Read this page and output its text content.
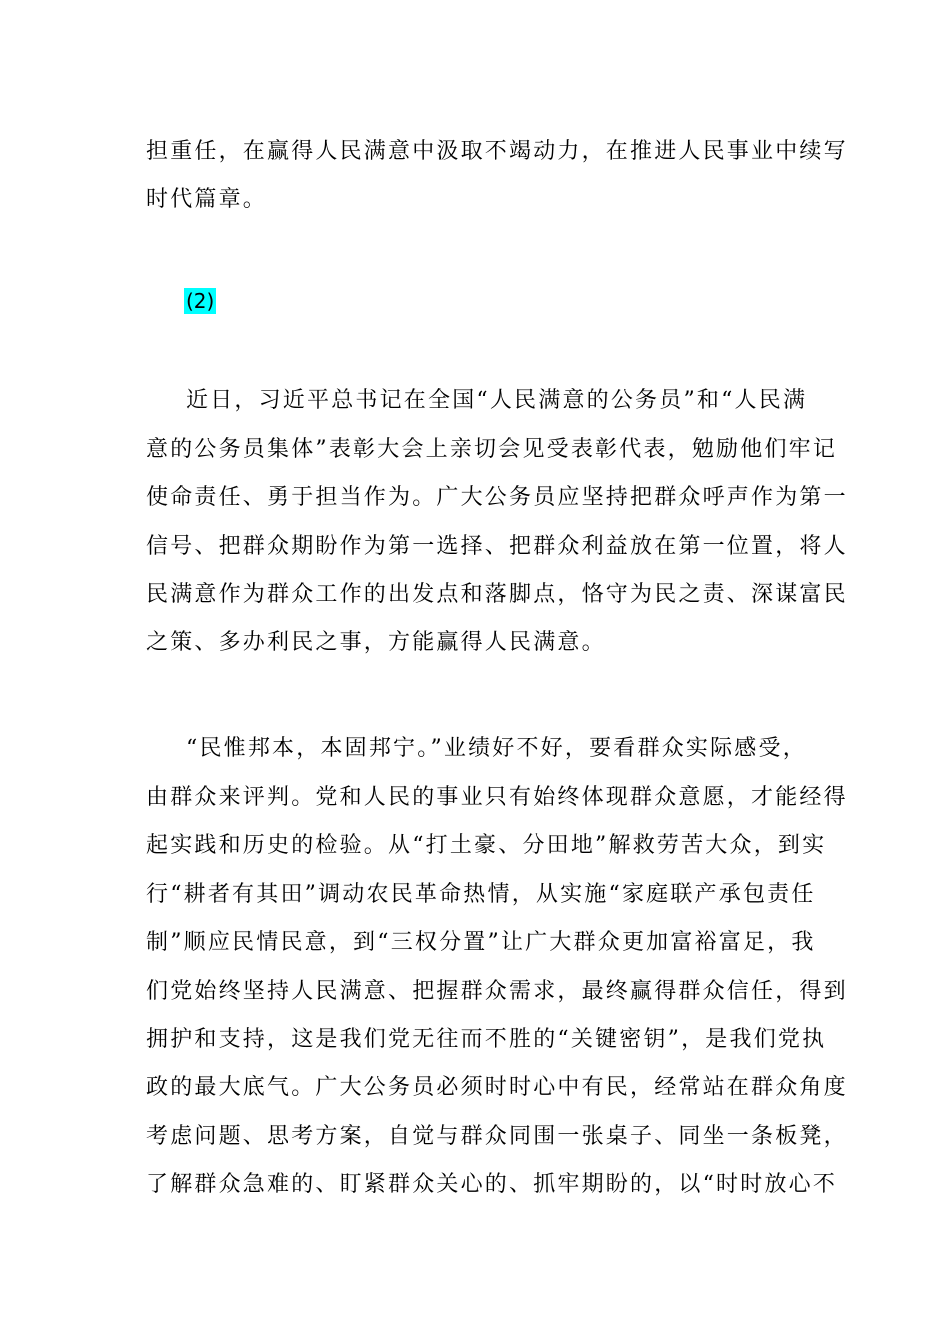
担重任，在赢得人民满意中汲取不竭动力，在推进人民事业中续写
时代篇章。
(2)
近日，习近平总书记在全国“人民满意的公务员”和“人民满
意的公务员集体”表彰大会上亲切会见受表彰代表，勉励他们牢记
使命责任、勇于担当作为。广大公务员应坚持把群众呼声作为第一
信号、把群众期盼作为第一选择、把群众利益放在第一位置，将人
民满意作为群众工作的出发点和落脚点，恪守为民之责、深谋富民
之策、多办利民之事，方能赢得人民满意。
“民惟邦本，本固邦宁。”业绩好不好，要看群众实际感受，
由群众来评判。党和人民的事业只有始终体现群众意愿，才能经得
起实践和历史的检验。从“打土豪、分田地”解救劳苦大众，到实
行“耕者有其田”调动农民革命热情，从实施“家庭联产承包责任
制”顺应民情民意，到“三权分置”让广大群众更加富裕富足，我
们党始终坚持人民满意、把握群众需求，最终赢得群众信任，得到
拥护和支持，这是我们党无往而不胜的“关键密钥”，是我们党执
政的最大底气。广大公务员必须时时心中有民，经常站在群众角度
考虑问题、思考方案，自觉与群众同围一张桌子、同坐一条板凳，
了解群众急难的、盯紧群众关心的、抓牢期盼的，以“时时放心不
